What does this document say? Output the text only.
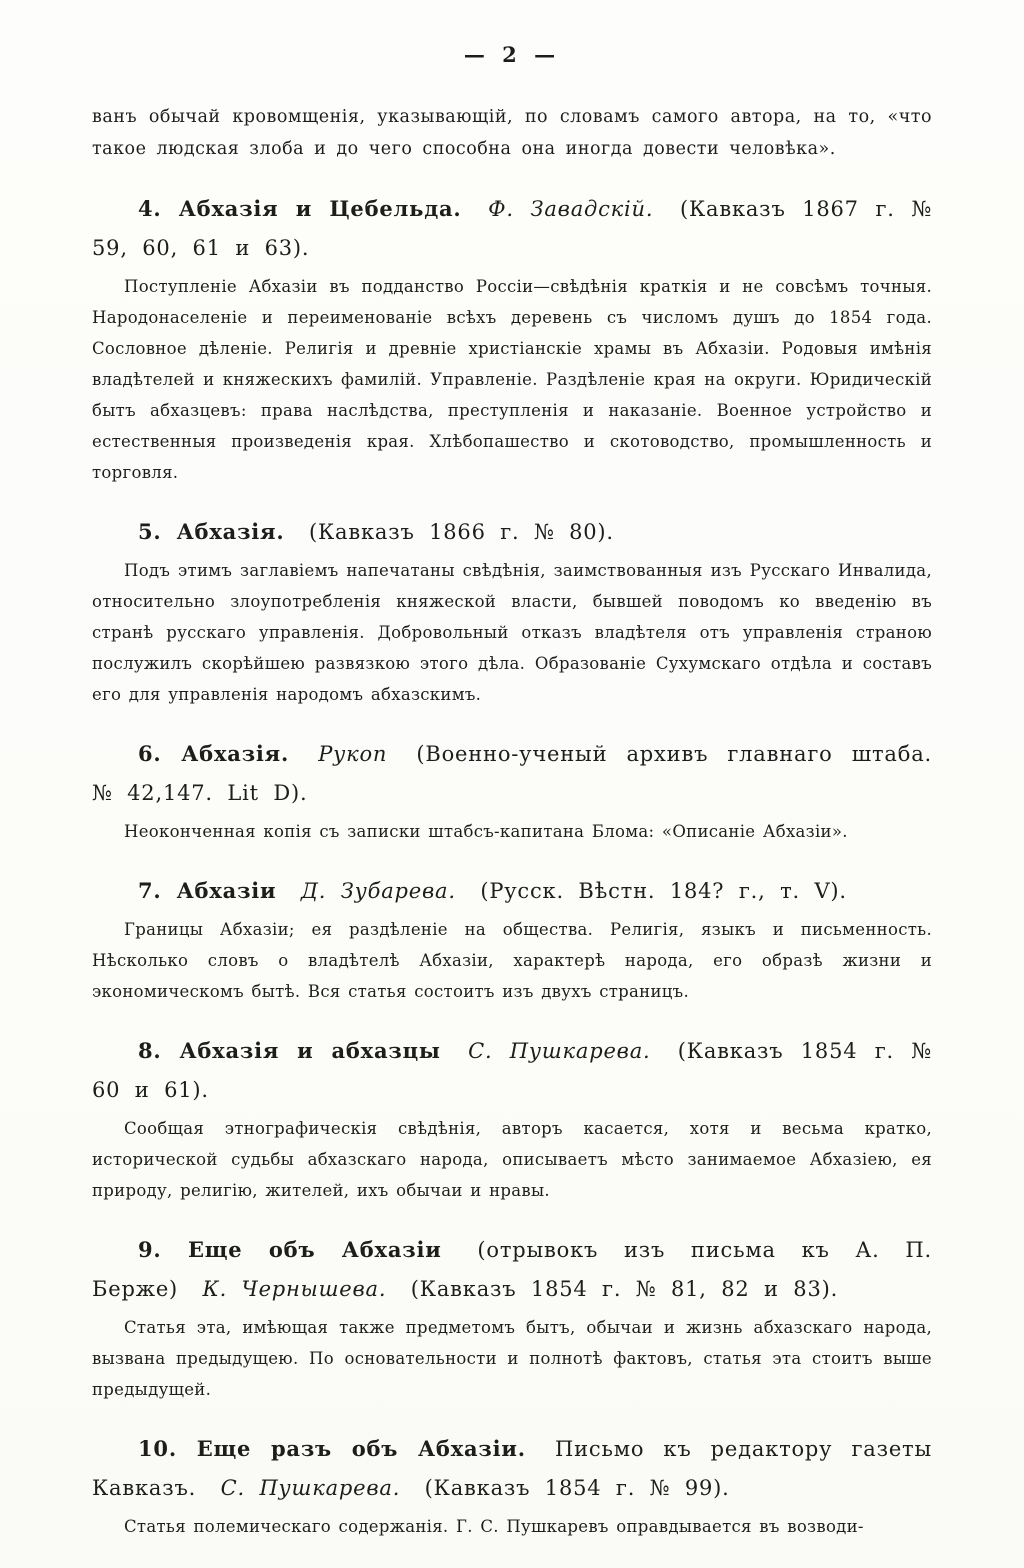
— 2 —

ванъ обычай кровомщенія, указывающій, по словамъ самого автора, на то, «что такое людская злоба и до чего способна она иногда довести человѣка».

4. Абхазія и Цебельда. Ф. Завадскій. (Кавказъ 1867 г. № 59, 60, 61 и 63).

Поступленіе Абхазіи въ подданство Россіи—свѣдѣнія краткія и не совсѣмъ точныя. Народонаселеніе и переименованіе всѣхъ деревень съ числомъ душъ до 1854 года. Сословное дѣленіе. Религія и древніе христіанскіе храмы въ Абхазіи. Родовыя имѣнія владѣтелей и княжескихъ фамилій. Управленіе. Раздѣленіе края на округи. Юридическій бытъ абхазцевъ: права наслѣдства, преступленія и наказаніе. Военное устройство и естественныя произведенія края. Хлѣбопашество и скотоводство, промышленность и торговля.

5. Абхазія. (Кавказъ 1866 г. № 80).

Подъ этимъ заглавіемъ напечатаны свѣдѣнія, заимствованныя изъ Русскаго Инвалида, относительно злоупотребленія княжеской власти, бывшей поводомъ ко введенію въ странѣ русскаго управленія. Добровольный отказъ владѣтеля отъ управленія страною послужилъ скорѣйшею развязкою этого дѣла. Образованіе Сухумскаго отдѣла и составъ его для управленія народомъ абхазскимъ.

6. Абхазія. Рукоп (Военно-ученый архивъ главнаго штаба. № 42,147. Lit D).

Неоконченная копія съ записки штабсъ-капитана Блома: «Описаніе Абхазіи».

7. Абхазіи Д. Зубарева. (Русск. Вѣстн. 184? г., т. V).

Границы Абхазіи; ея раздѣленіе на общества. Религія, языкъ и письменность. Нѣсколько словъ о владѣтелѣ Абхазіи, характерѣ народа, его образѣ жизни и экономическомъ бытѣ. Вся статья состоитъ изъ двухъ страницъ.

8. Абхазія и абхазцы С. Пушкарева. (Кавказъ 1854 г. № 60 и 61).

Сообщая этнографическія свѣдѣнія, авторъ касается, хотя и весьма кратко, исторической судьбы абхазскаго народа, описываетъ мѣсто занимаемое Абхазіею, ея природу, религію, жителей, ихъ обычаи и нравы.

9. Еще объ Абхазіи (отрывокъ изъ письма къ А. П. Берже) К. Чернышева. (Кавказъ 1854 г. № 81, 82 и 83).

Статья эта, имѣющая также предметомъ бытъ, обычаи и жизнь абхазскаго народа, вызвана предыдущею. По основательности и полнотѣ фактовъ, статья эта стоитъ выше предыдущей.

10. Еще разъ объ Абхазіи. Письмо къ редактору газеты Кавказъ. С. Пушкарева. (Кавказъ 1854 г. № 99).

Статья полемическаго содержанія. Г. С. Пушкаревъ оправдывается въ возводи-
